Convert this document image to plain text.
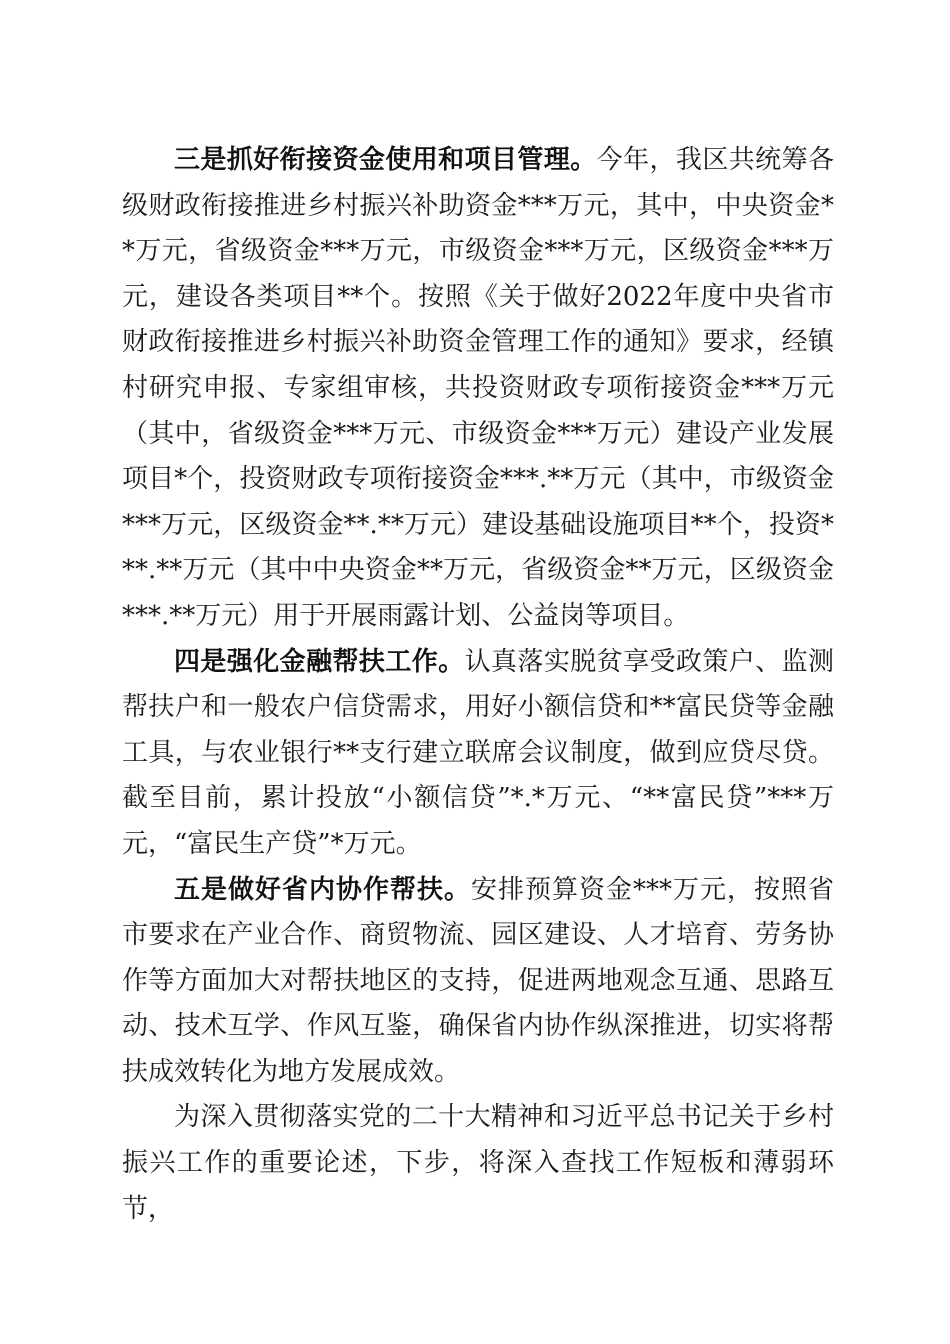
三是抓好衔接资金使用和项目管理。今年，我区共统筹各级财政衔接推进乡村振兴补助资金***万元，其中，中央资金**万元，省级资金***万元，市级资金***万元，区级资金***万元，建设各类项目**个。按照《关于做好2022年度中央省市财政衔接推进乡村振兴补助资金管理工作的通知》要求，经镇村研究申报、专家组审核，共投资财政专项衔接资金***万元（其中，省级资金***万元、市级资金***万元）建设产业发展项目*个，投资财政专项衔接资金***.**万元（其中，市级资金***万元，区级资金**.**万元）建设基础设施项目**个，投资***.**万元（其中中央资金**万元，省级资金**万元，区级资金***.**万元）用于开展雨露计划、公益岗等项目。

四是强化金融帮扶工作。认真落实脱贫享受政策户、监测帮扶户和一般农户信贷需求，用好小额信贷和**富民贷等金融工具，与农业银行**支行建立联席会议制度，做到应贷尽贷。截至目前，累计投放“小额信贷”*.*万元、“**富民贷”***万元，“富民生产贷”*万元。

五是做好省内协作帮扶。安排预算资金***万元，按照省市要求在产业合作、商贸物流、园区建设、人才培育、劳务协作等方面加大对帮扶地区的支持，促进两地观念互通、思路互动、技术互学、作风互鉴，确保省内协作纵深推进，切实将帮扶成效转化为地方发展成效。

为深入贯彻落实党的二十大精神和习近平总书记关于乡村振兴工作的重要论述，下步，将深入查找工作短板和薄弱环节，
